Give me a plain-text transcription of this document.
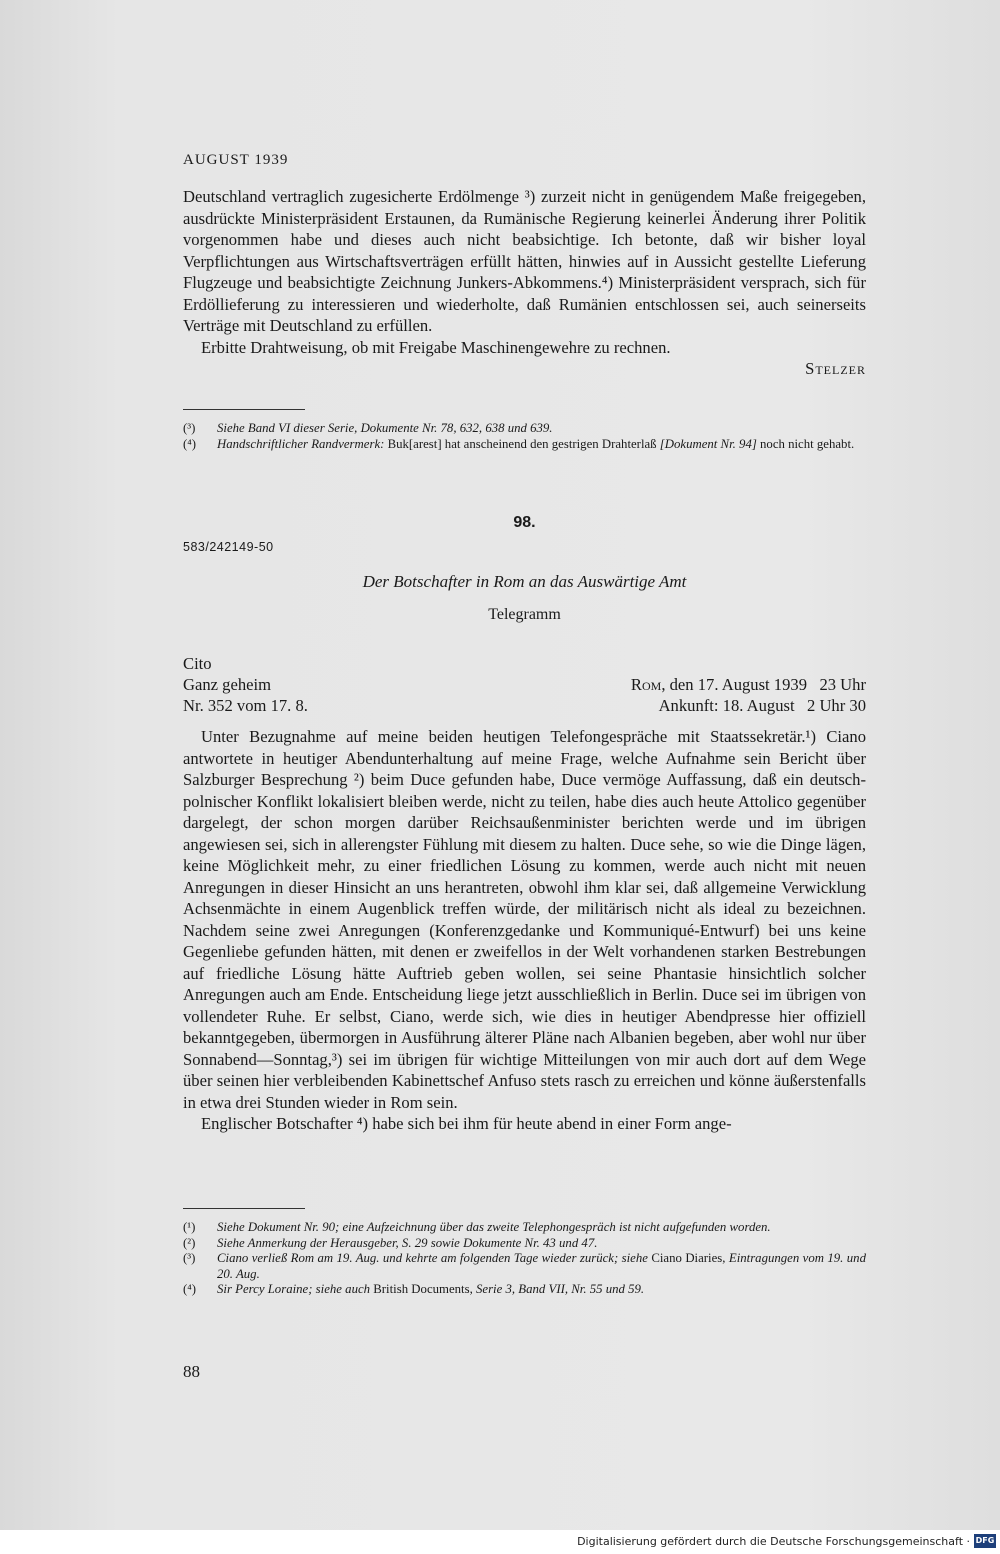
AUGUST 1939

Deutschland vertraglich zugesicherte Erdölmenge ³) zurzeit nicht in genügendem Maße freigegeben, ausdrückte Ministerpräsident Erstaunen, da Rumänische Regierung keinerlei Änderung ihrer Politik vorgenommen habe und dieses auch nicht beabsichtige. Ich betonte, daß wir bisher loyal Verpflichtungen aus Wirtschaftsverträgen erfüllt hätten, hinwies auf in Aussicht gestellte Lieferung Flugzeuge und beabsichtigte Zeichnung Junkers-Abkommens.⁴) Ministerpräsident versprach, sich für Erdöllieferung zu interessieren und wiederholte, daß Rumänien entschlossen sei, auch seinerseits Verträge mit Deutschland zu erfüllen.

Erbitte Drahtweisung, ob mit Freigabe Maschinengewehre zu rechnen.

Stelzer

(³)	Siehe Band VI dieser Serie, Dokumente Nr. 78, 632, 638 und 639.

(⁴)	Handschriftlicher Randvermerk: Buk[arest] hat anscheinend den gestrigen Drahterlaß [Dokument Nr. 94] noch nicht gehabt.

98.
583/242149-50
Der Botschafter in Rom an das Auswärtige Amt
Telegramm
Cito
Ganz geheim	Rom, den 17. August 1939   23 Uhr
Nr. 352 vom 17. 8.	Ankunft: 18. August   2 Uhr 30

Unter Bezugnahme auf meine beiden heutigen Telefongespräche mit Staatssekretär.¹) Ciano antwortete in heutiger Abendunterhaltung auf meine Frage, welche Aufnahme sein Bericht über Salzburger Besprechung ²) beim Duce gefunden habe, Duce vermöge Auffassung, daß ein deutsch-polnischer Konflikt lokalisiert bleiben werde, nicht zu teilen, habe dies auch heute Attolico gegenüber dargelegt, der schon morgen darüber Reichsaußenminister berichten werde und im übrigen angewiesen sei, sich in allerengster Fühlung mit diesem zu halten. Duce sehe, so wie die Dinge lägen, keine Möglichkeit mehr, zu einer friedlichen Lösung zu kommen, werde auch nicht mit neuen Anregungen in dieser Hinsicht an uns herantreten, obwohl ihm klar sei, daß allgemeine Verwicklung Achsenmächte in einem Augenblick treffen würde, der militärisch nicht als ideal zu bezeichnen. Nachdem seine zwei Anregungen (Konferenzgedanke und Kommuniqué-Entwurf) bei uns keine Gegenliebe gefunden hätten, mit denen er zweifellos in der Welt vorhandenen starken Bestrebungen auf friedliche Lösung hätte Auftrieb geben wollen, sei seine Phantasie hinsichtlich solcher Anregungen auch am Ende. Entscheidung liege jetzt ausschließlich in Berlin. Duce sei im übrigen von vollendeter Ruhe. Er selbst, Ciano, werde sich, wie dies in heutiger Abendpresse hier offiziell bekanntgegeben, übermorgen in Ausführung älterer Pläne nach Albanien begeben, aber wohl nur über Sonnabend—Sonntag,³) sei im übrigen für wichtige Mitteilungen von mir auch dort auf dem Wege über seinen hier verbleibenden Kabinettschef Anfuso stets rasch zu erreichen und könne äußerstenfalls in etwa drei Stunden wieder in Rom sein.

Englischer Botschafter ⁴) habe sich bei ihm für heute abend in einer Form ange-

(¹)	Siehe Dokument Nr. 90; eine Aufzeichnung über das zweite Telephongespräch ist nicht aufgefunden worden.

(²)	Siehe Anmerkung der Herausgeber, S. 29 sowie Dokumente Nr. 43 und 47.

(³)	Ciano verließ Rom am 19. Aug. und kehrte am folgenden Tage wieder zurück; siehe Ciano Diaries, Eintragungen vom 19. und 20. Aug.

(⁴)	Sir Percy Loraine; siehe auch British Documents, Serie 3, Band VII, Nr. 55 und 59.

88
Digitalisierung gefördert durch die Deutsche Forschungsgemeinschaft · DFG
